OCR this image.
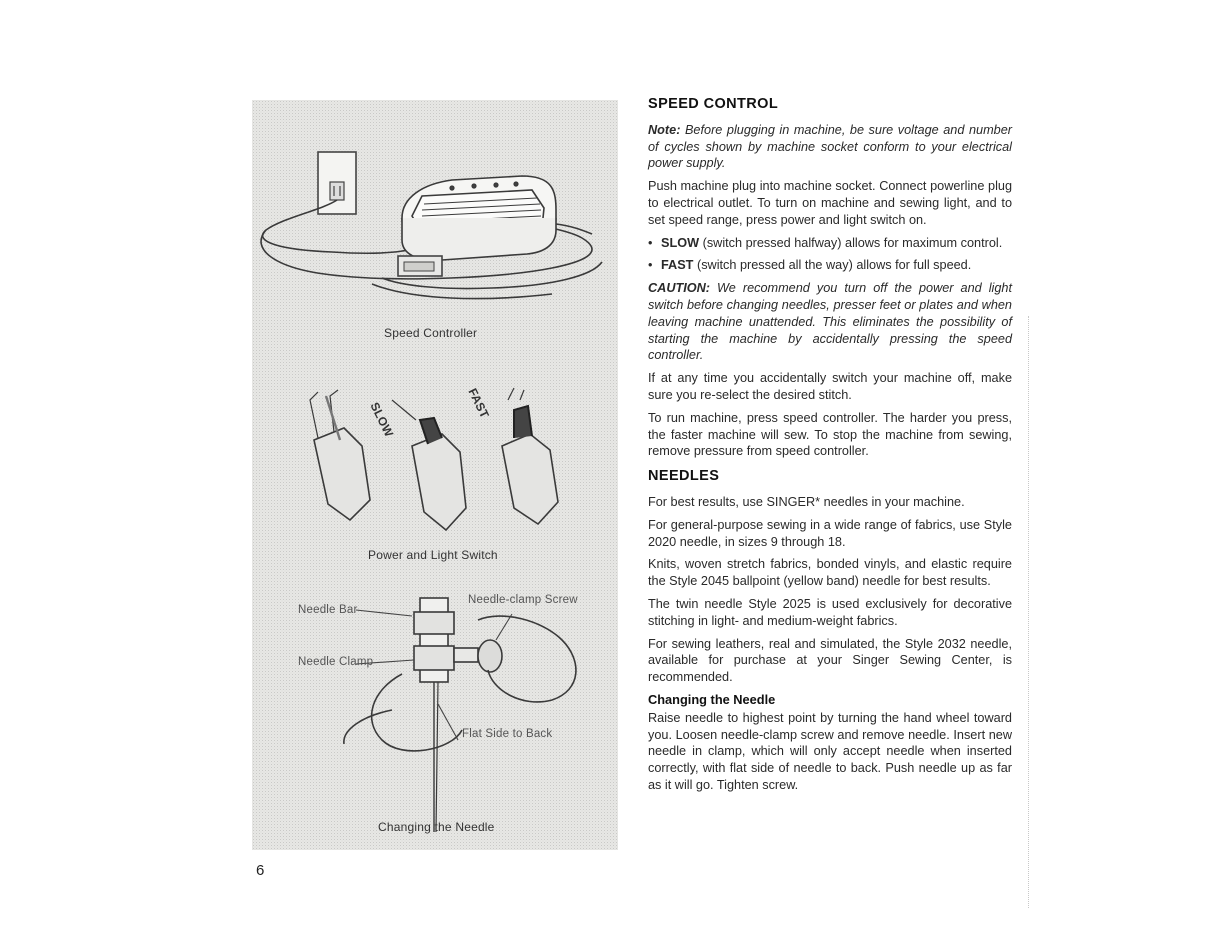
Speed Controller
SLOW	FAST
Power and Light Switch
Needle Bar
Needle-clamp Screw
Needle Clamp
Flat Side to Back
Changing the Needle
6
SPEED CONTROL

Note: Before plugging in machine, be sure voltage and number of cycles shown by machine socket conform to your electrical power supply.

Push machine plug into machine socket. Connect powerline plug to electrical outlet. To turn on machine and sewing light, and to set speed range, press power and light switch on.

• SLOW (switch pressed halfway) allows for maximum control.
• FAST (switch pressed all the way) allows for full speed.

CAUTION: We recommend you turn off the power and light switch before changing needles, presser feet or plates and when leaving machine unattended. This eliminates the possibility of starting the machine by accidentally pressing the speed controller.

If at any time you accidentally switch your machine off, make sure you re-select the desired stitch.

To run machine, press speed controller. The harder you press, the faster machine will sew. To stop the machine from sewing, remove pressure from speed controller.

NEEDLES

For best results, use SINGER* needles in your machine.

For general-purpose sewing in a wide range of fabrics, use Style 2020 needle, in sizes 9 through 18.

Knits, woven stretch fabrics, bonded vinyls, and elastic require the Style 2045 ballpoint (yellow band) needle for best results.

The twin needle Style 2025 is used exclusively for decorative stitching in light- and medium-weight fabrics.

For sewing leathers, real and simulated, the Style 2032 needle, available for purchase at your Singer Sewing Center, is recommended.

Changing the Needle

Raise needle to highest point by turning the hand wheel toward you. Loosen needle-clamp screw and remove needle. Insert new needle in clamp, which will only accept needle when inserted correctly, with flat side of needle to back. Push needle up as far as it will go. Tighten screw.
